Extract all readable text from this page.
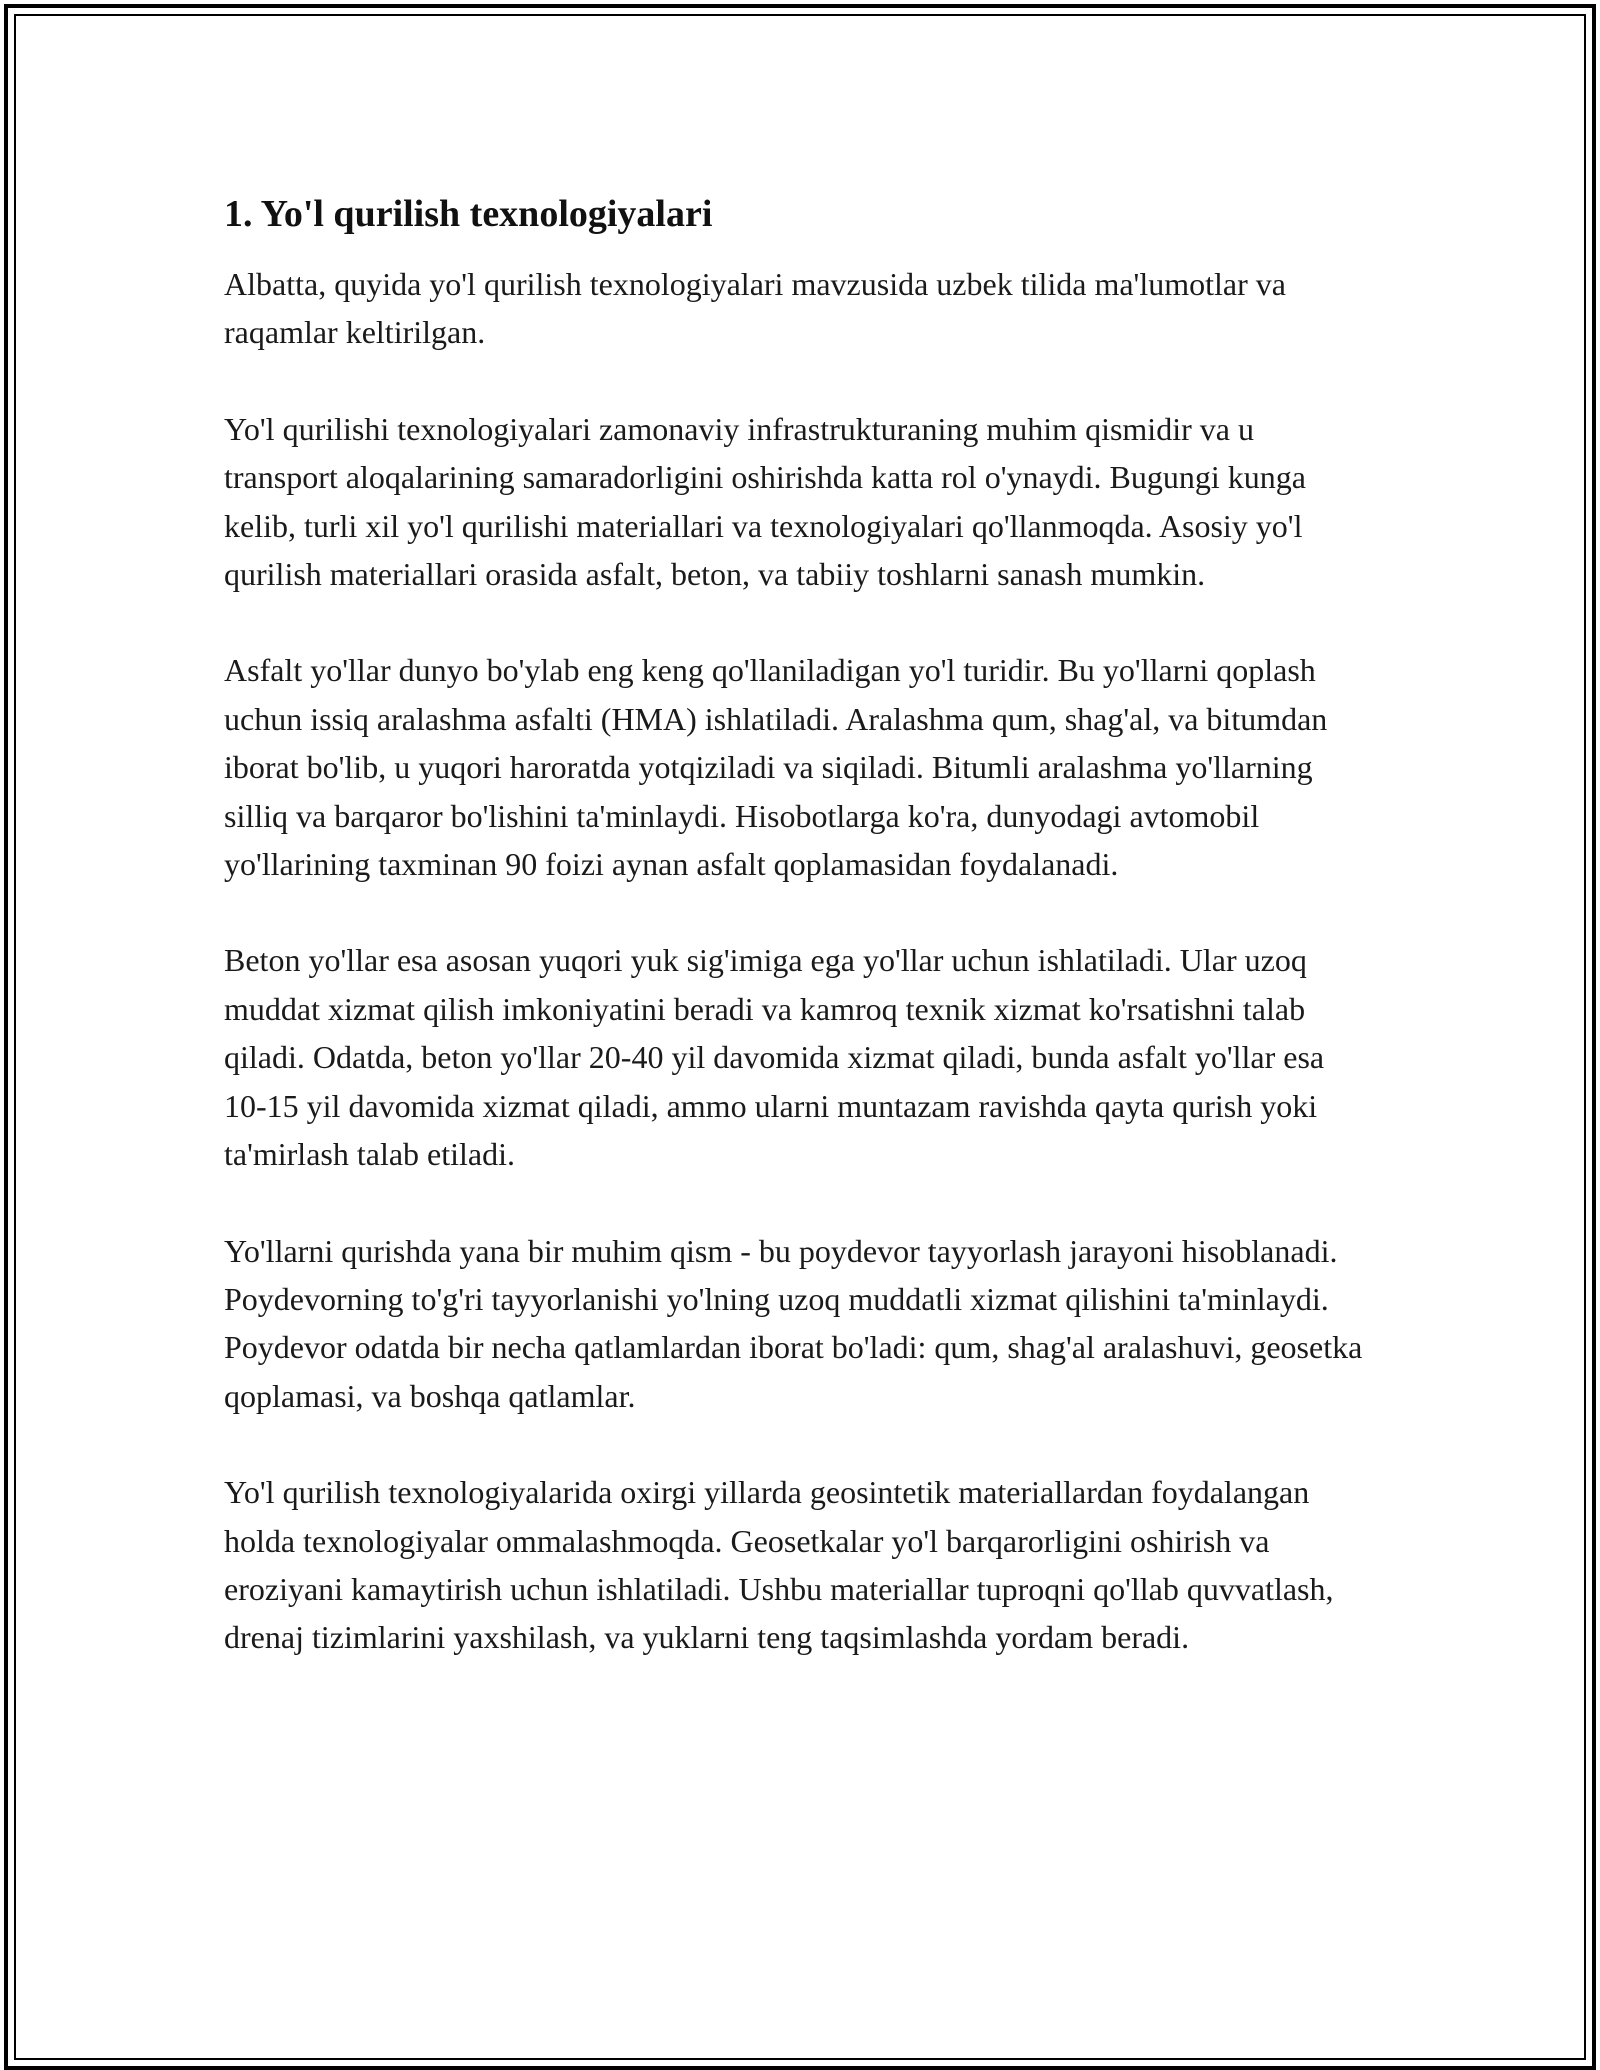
1. Yo'l qurilish texnologiyalari

Albatta, quyida yo'l qurilish texnologiyalari mavzusida uzbek tilida ma'lumotlar va raqamlar keltirilgan.

Yo'l qurilishi texnologiyalari zamonaviy infrastrukturaning muhim qismidir va u transport aloqalarining samaradorligini oshirishda katta rol o'ynaydi. Bugungi kunga kelib, turli xil yo'l qurilishi materiallari va texnologiyalari qo'llanmoqda. Asosiy yo'l qurilish materiallari orasida asfalt, beton, va tabiiy toshlarni sanash mumkin.

Asfalt yo'llar dunyo bo'ylab eng keng qo'llaniladigan yo'l turidir. Bu yo'llarni qoplash uchun issiq aralashma asfalti (HMA) ishlatiladi. Aralashma qum, shag'al, va bitumdan iborat bo'lib, u yuqori haroratda yotqiziladi va siqiladi. Bitumli aralashma yo'llarning silliq va barqaror bo'lishini ta'minlaydi. Hisobotlarga ko'ra, dunyodagi avtomobil yo'llarining taxminan 90 foizi aynan asfalt qoplamasidan foydalanadi.

Beton yo'llar esa asosan yuqori yuk sig'imiga ega yo'llar uchun ishlatiladi. Ular uzoq muddat xizmat qilish imkoniyatini beradi va kamroq texnik xizmat ko'rsatishni talab qiladi. Odatda, beton yo'llar 20-40 yil davomida xizmat qiladi, bunda asfalt yo'llar esa 10-15 yil davomida xizmat qiladi, ammo ularni muntazam ravishda qayta qurish yoki ta'mirlash talab etiladi.

Yo'llarni qurishda yana bir muhim qism - bu poydevor tayyorlash jarayoni hisoblanadi. Poydevorning to'g'ri tayyorlanishi yo'lning uzoq muddatli xizmat qilishini ta'minlaydi. Poydevor odatda bir necha qatlamlardan iborat bo'ladi: qum, shag'al aralashuvi, geosetka qoplamasi, va boshqa qatlamlar.

Yo'l qurilish texnologiyalarida oxirgi yillarda geosintetik materiallardan foydalangan holda texnologiyalar ommalashmoqda. Geosetkalar yo'l barqarorligini oshirish va eroziyani kamaytirish uchun ishlatiladi. Ushbu materiallar tuproqni qo'llab quvvatlash, drenaj tizimlarini yaxshilash, va yuklarni teng taqsimlashda yordam beradi.
